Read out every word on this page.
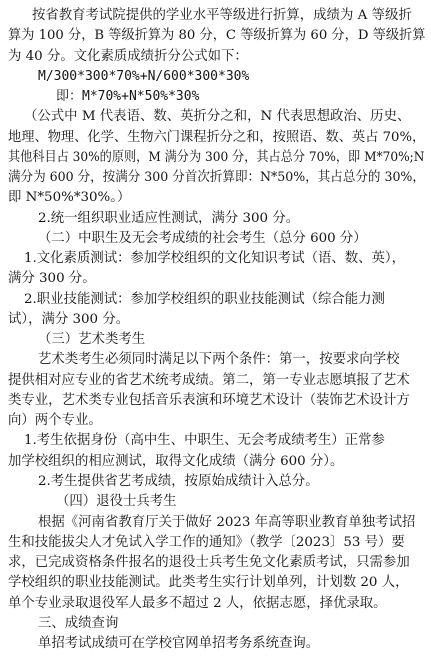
按省教育考试院提供的学业水平等级进行折算，成绩为 A 等级折
算为 100 分，B 等级折算为 80 分，C 等级折算为 60 分，D 等级折算
为 40 分。文化素质成绩折分公式如下：
M/300*300*70%+N/600*300*30%
即：M*70%+N*50%*30%
（公式中 M 代表语、数、英折分之和，N 代表思想政治、历史、
地理、物理、化学、生物六门课程折分之和，按照语、数、英占 70%，
其他科目占 30%的原则，M 满分为 300 分，其占总分 70%，即 M*70%;N
满分为 600 分，按满分 300 分首次折算即：N*50%，其占总分的 30%，
即 N*50%*30%。）
2.统一组织职业适应性测试，满分 300 分。
（二）中职生及无会考成绩的社会考生（总分 600 分）
1.文化素质测试：参加学校组织的文化知识考试（语、数、英），
满分 300 分。
2.职业技能测试：参加学校组织的职业技能测试（综合能力测
试），满分 300 分。
（三）艺术类考生
艺术类考生必须同时满足以下两个条件：第一，按要求向学校
提供相对应专业的省艺术统考成绩。第二，第一专业志愿填报了艺术
类专业，艺术类专业包括音乐表演和环境艺术设计（装饰艺术设计方
向）两个专业。
1.考生依据身份（高中生、中职生、无会考成绩考生）正常参
加学校组织的相应测试，取得文化成绩（满分 600 分）。
2.考生提供省艺考成绩，按原始成绩计入总分。
（四）退役士兵考生
根据《河南省教育厅关于做好 2023 年高等职业教育单独考试招
生和技能拔尖人才免试入学工作的通知》（教学〔2023〕53 号）要
求，已完成资格条件报名的退役士兵考生免文化素质考试，只需参加
学校组织的职业技能测试。此类考生实行计划单列，计划数 20 人，
单个专业录取退役军人最多不超过 2 人，依据志愿，择优录取。
三、成绩查询
单招考试成绩可在学校官网单招考务系统查询。
